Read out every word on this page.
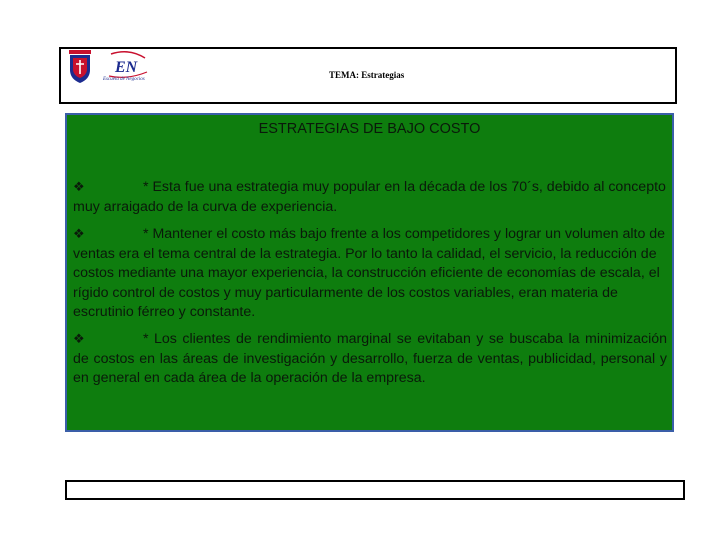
EN
Escuela de Negocios	TEMA: Estrategias
ESTRATEGIAS DE BAJO COSTO
❖	* Esta fue una estrategia muy popular en la década de los 70´s, debido al concepto muy arraigado de la curva de experiencia.
❖	* Mantener el costo más bajo frente a los competidores y lograr un volumen alto de ventas era el tema central de la estrategia. Por lo tanto la calidad, el servicio, la reducción de costos mediante una mayor experiencia, la construcción eficiente de economías de escala, el rígido control de costos y muy particularmente de los costos variables, eran materia de escrutinio férreo y constante.
❖	* Los clientes de rendimiento marginal se evitaban y se buscaba la minimización de costos en las áreas de investigación y desarrollo, fuerza de ventas, publicidad, personal y en general en cada área de la operación de la empresa.
